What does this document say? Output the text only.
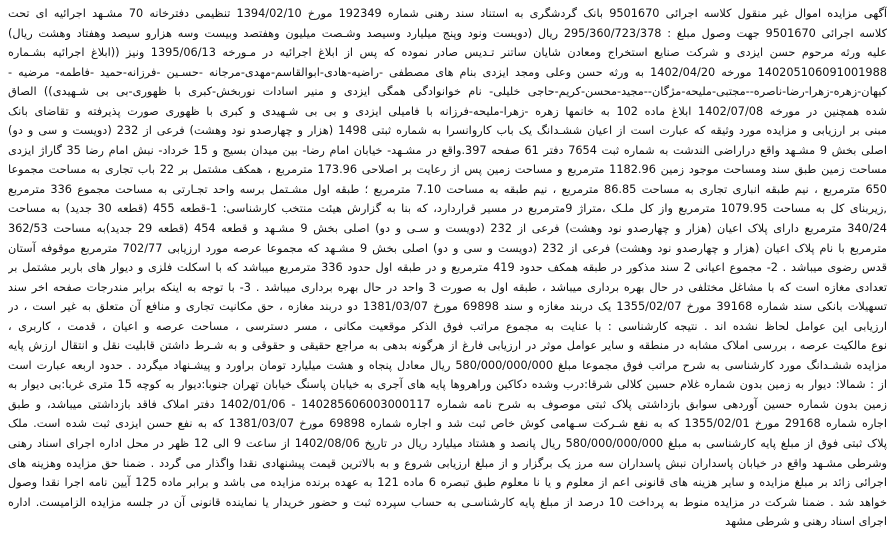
آگهی مزایده اموال غیر منقول کلاسه اجرائی 9501670 بانک گردشگری به استناد سند رهنی شماره 192349 مورخ 1394/02/10 تنظیمی دفترخانه 70 مشـهد اجرائیه ای تحت
کلاسه اجرائی 9501670 جهت وصول مبلغ : 295/360/723/378 ریال (دویست ونود وپنج میلیارد وسیصد وشـصت میلیون وهفتصد وبیست وسه هزارو سیصد وهفتاد وهشت ریال)
علیه ورثه مرحوم حسن ایزدی و شرکت صنایع استخراج ومعادن شایان ساتنر تـدیس صادر نموده که پس از ابلاغ اجرائیه در مـورخه 1395/06/13 ونیز ((ابلاغ اجرائیه بشـماره
140205106091001988 مورخه 1402/04/20 به ورثه حسن وعلی ومجد ایزدی بنام های مصطفی -راضیه-هادی-ابوالقاسم-مهدی-مرجانه -حسـین -فرزانه-حمید -فاطمه- مرضیه -
کیهان-زهره-زهرا-رضا-ناصره--مجتبی-ملیحه-مژگان--مجید-محسن-کریم-حاجی خلیلی- نام خوانوادگی همگی ایزدی و منیر اسادات نوربخش-کبری با ظهوری-بی بی شـهیدی)) الصاق
شده همچنین در مورخه 1402/07/08 ابلاغ ماده 102 به خانمها زهره -زهرا-ملیحه-فرزانه با فامیلی ایزدی و بی بی شـهیدی و کبری با ظهوری صورت پذیرفته و تقاضای بانک
مبنی بر ارزیابی و مزایده مورد وثیقه که عبارت است از اعیان ششـدانگ یک باب کاروانسرا به شماره ثبتی 1498 (هزار و چهارصدو نود وهشت) فرعی از 232 (دویست و سی و دو)
اصلی بخش 9 مشـهد واقع دراراضی الندشت به شماره ثبت 7654 دفتر 61 صفحه 397.واقع در مشـهد- خیابان امام رضا- بین میدان بسیج و 15 خرداد- نبش امام رضا 35 گاراژ ایزدی
مساحت زمین طبق سند ومساحت موجود زمین 1182.96 مترمربع و مساحت زمین پس از رعایت بر اصلاحی 173.96 مترمربع ، همکف مشتمل بر 22 باب تجاری به مساحت مجموعا
650 مترمربع ، نیم طبقه انباری تجاری به مساحت 86.85 مترمربع ، نیم طبقه به مساحت 7.10 مترمربع ؛ طبقه اول مشـتمل برسه واحد تجـارتی به مساحت مجموع 336 مترمربع
,زیربنای کل به مساحت 1079.95 مترمربع واز کل ملـک ،متراژ 9مترمربع در مسیر قراردارد، که بنا به گزارش هیئت منتخب کارشناسی: 1-قطعه 455 (قطعه 30 جدید) به مساحت
340/24 مترمربع دارای پلاک اعیان (هزار و چهارصدو نود وهشت) فرعی از 232 (دویست و سـی و دو) اصلی بخش 9 مشـهد و قطعه 454 (قطعه 29 جدید)به مساحت 362/53
مترمربع با نام پلاک اعیان (هزار و چهارصدو نود وهشت) فرعی از 232 (دویست و سی و دو) اصلی بخش 9 مشـهد که مجموعا عرصه مورد ارزیابی 702/77 مترمربع موقوفه آستان
قدس رضوی میباشد . 2- مجموع اعیانی 2 سند مذکور در طبقه همکف حدود 419 مترمربع و در طبقه اول حدود 336 مترمربع میباشد که با اسکلت فلزی و دیوار های باربر مشتمل بر
تعدادی مغازه است که با مشاغل مختلفی در حال بهره برداری میباشد ، طبقه اول به صورت 3 واحد در حال بهره برداری میباشد . 3- با توجه به اینکه برابر مندرجات صفحه اخر سند
تسهیلات بانکی سند شماره 39168 مورخ 1355/02/07 یک دربند مغازه و سند 69898 مورخ 1381/03/07 دو دربند مغازه ، حق مکانیت تجاری و منافع آن متعلق به غیر است ، در
ارزیابی این عوامل لحاظ نشده اند . نتیجه کارشناسی : با عنایت به مجموع مراتب فوق الذکر موقعیت مکانی ، مسر دسترسی ، مساحت عرصه و اعیان ، قدمت ، کاربری ،
نوع مالکیت عرصه ، بررسی املاک مشابه در منطقه و سایر عوامل موثر در ارزیابی فارغ از هرگونه بدهی به مراجع حقیقی و حقوقی و به شـرط داشتن قابلیت نقل و انتقال ارزش پایه
مزایده ششـدانگ مورد کارشناسی به شرح مراتب فوق مجموعا مبلغ 580/000/000/000 ریال معادل پنجاه و هشت میلیارد تومان براورد و پیشـنهاد میگردد . حدود اربعه عبارت است
از : شمالا: دیوار به زمین بدون شماره غلام حسین کلالی شرقا:درب وشده دکاکین وراهروها پایه های آجری به خیابان پاسنگ خیابان تهران جنوبا:دیوار به کوچه 15 متری غربا:بی دیوار به
زمین بدون شماره حسین آوردهی سوابق بازداشتی پلاک ثبتی موصوف به شرح نامه شماره 140285606003000117 - 1402/01/06 دفتر املاک فاقد بازداشتی میباشد، و طبق
اجاره شماره 29168 مورخ 1355/02/01 که به نفع شـرکت سـهامی کوش خاص ثبت شد و اجاره شماره 69898 مورخ 1381/03/07 که به نفع حسن ایزدی ثبت شده است. ملک
پلاک ثبتی فوق از مبلغ پایه کارشناسی به مبلغ 580/000/000/000 ریال پانصد و هشتاد میلیارد ریال در تاریخ 1402/08/06 از ساعت 9 الی 12 ظهر در محل اداره اجرای اسناد رهنی
وشرطی مشـهد واقع در خیابان پاسداران نبش پاسداران سه مرز یک برگزار و از مبلغ ارزیابی شروع و به بالاترین قیمت پیشنهادی نقدا واگذار می گردد . ضمنا حق مزایده وهزینه های
اجرائی زائد بر مبلغ مزایده و سایر هزینه های قانونی اعم از معلوم و یا نا معلوم طبق تبصره 6 ماده 121 به عهده برنده مزایده می باشد و برابر ماده 125 آیین نامه اجرا نقدا وصول
خواهد شد . ضمنا شرکت در مزایده منوط به پرداخت 10 درصد از مبلغ پایه کارشناسـی به حساب سپرده ثبت و حضور خریدار یا نماینده قانونی آن در جلسه مزایده الزامیست. اداره
اجرای اسناد رهنی و شرطی مشهد
